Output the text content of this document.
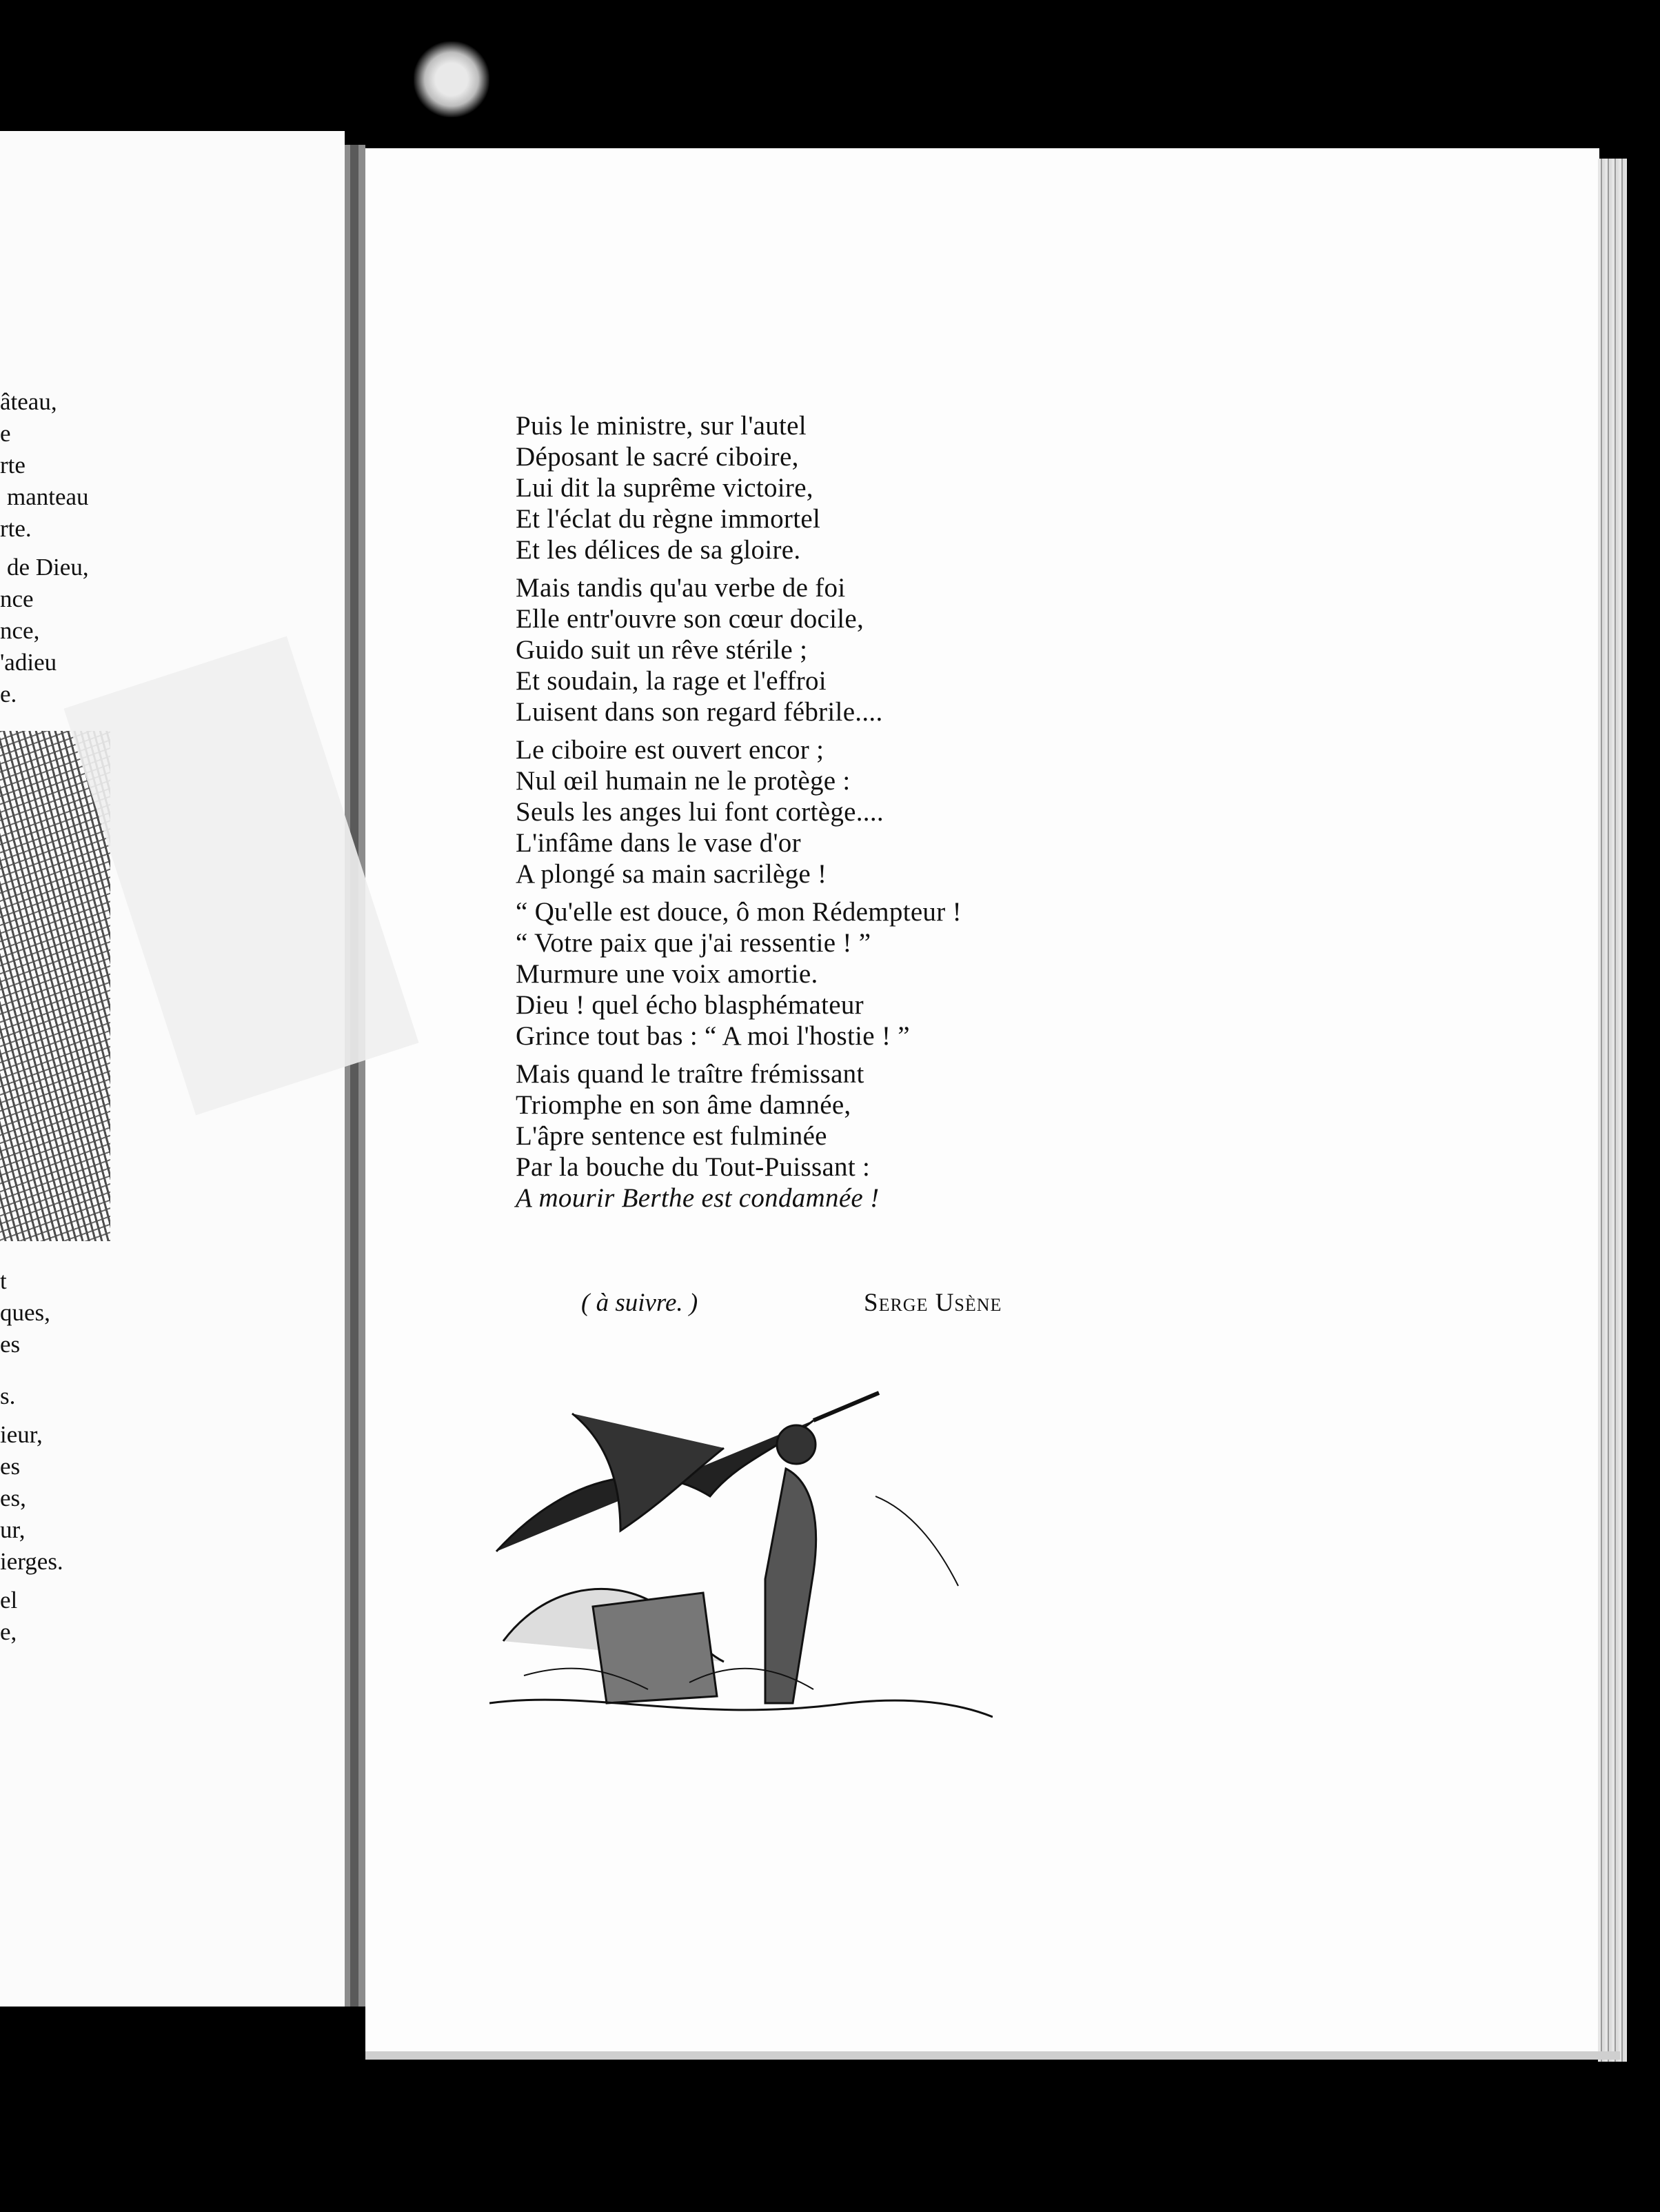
âteau,
e
rte
manteau
rte.
de Dieu,
nce
nce,
'adieu
e.
t
ques,
es
s.
ieur,
es
es,
ur,
ierges.
el
e,
Puis le ministre, sur l'autel
Déposant le sacré ciboire,
Lui dit la suprême victoire,
Et l'éclat du règne immortel
Et les délices de sa gloire.
Mais tandis qu'au verbe de foi
Elle entr'ouvre son cœur docile,
Guido suit un rêve stérile ;
Et soudain, la rage et l'effroi
Luisent dans son regard fébrile....
Le ciboire est ouvert encor ;
Nul œil humain ne le protège :
Seuls les anges lui font cortège....
L'infâme dans le vase d'or
A plongé sa main sacrilège !
“ Qu'elle est douce, ô mon Rédempteur !
“ Votre paix que j'ai ressentie ! ”
Murmure une voix amortie.
Dieu ! quel écho blasphémateur
Grince tout bas : “ A moi l'hostie ! ”
Mais quand le traître frémissant
Triomphe en son âme damnée,
L'âpre sentence est fulminée
Par la bouche du Tout-Puissant :
A mourir Berthe est condamnée !
( à suivre. )	Serge Usène
